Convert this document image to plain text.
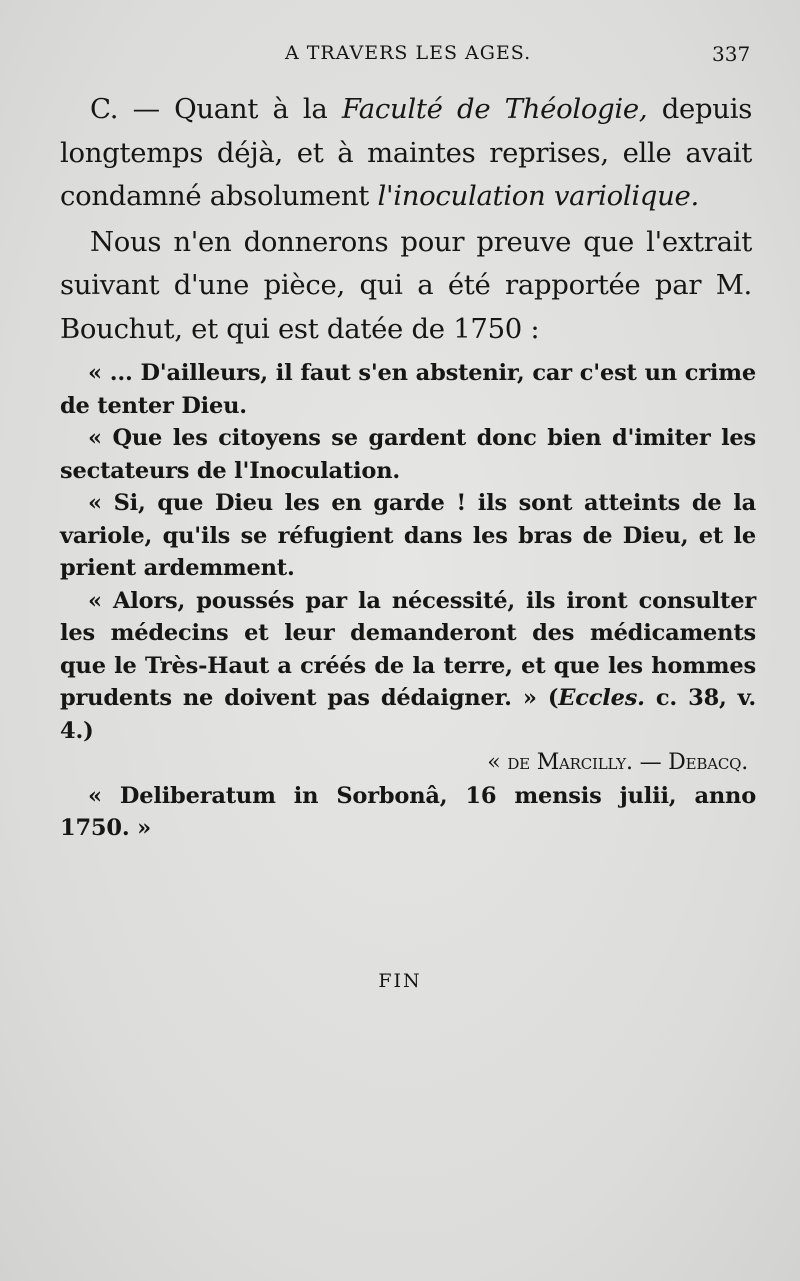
A TRAVERS LES AGES.	337

C. — Quant à la Faculté de Théologie, depuis longtemps déjà, et à maintes reprises, elle avait condamné absolument l'inoculation variolique.

Nous n'en donnerons pour preuve que l'extrait suivant d'une pièce, qui a été rapportée par M. Bouchut, et qui est datée de 1750 :

« ... D'ailleurs, il faut s'en abstenir, car c'est un crime de tenter Dieu.

« Que les citoyens se gardent donc bien d'imiter les sectateurs de l'Inoculation.

« Si, que Dieu les en garde ! ils sont atteints de la variole, qu'ils se réfugient dans les bras de Dieu, et le prient ardemment.

« Alors, poussés par la nécessité, ils iront consulter les médecins et leur demanderont des médicaments que le Très-Haut a créés de la terre, et que les hommes prudents ne doivent pas dédaigner. » (Eccles. c. 38, v. 4.)

« de Marcilly. — Debacq.

« Deliberatum in Sorbonâ, 16 mensis julii, anno 1750. »

FIN
